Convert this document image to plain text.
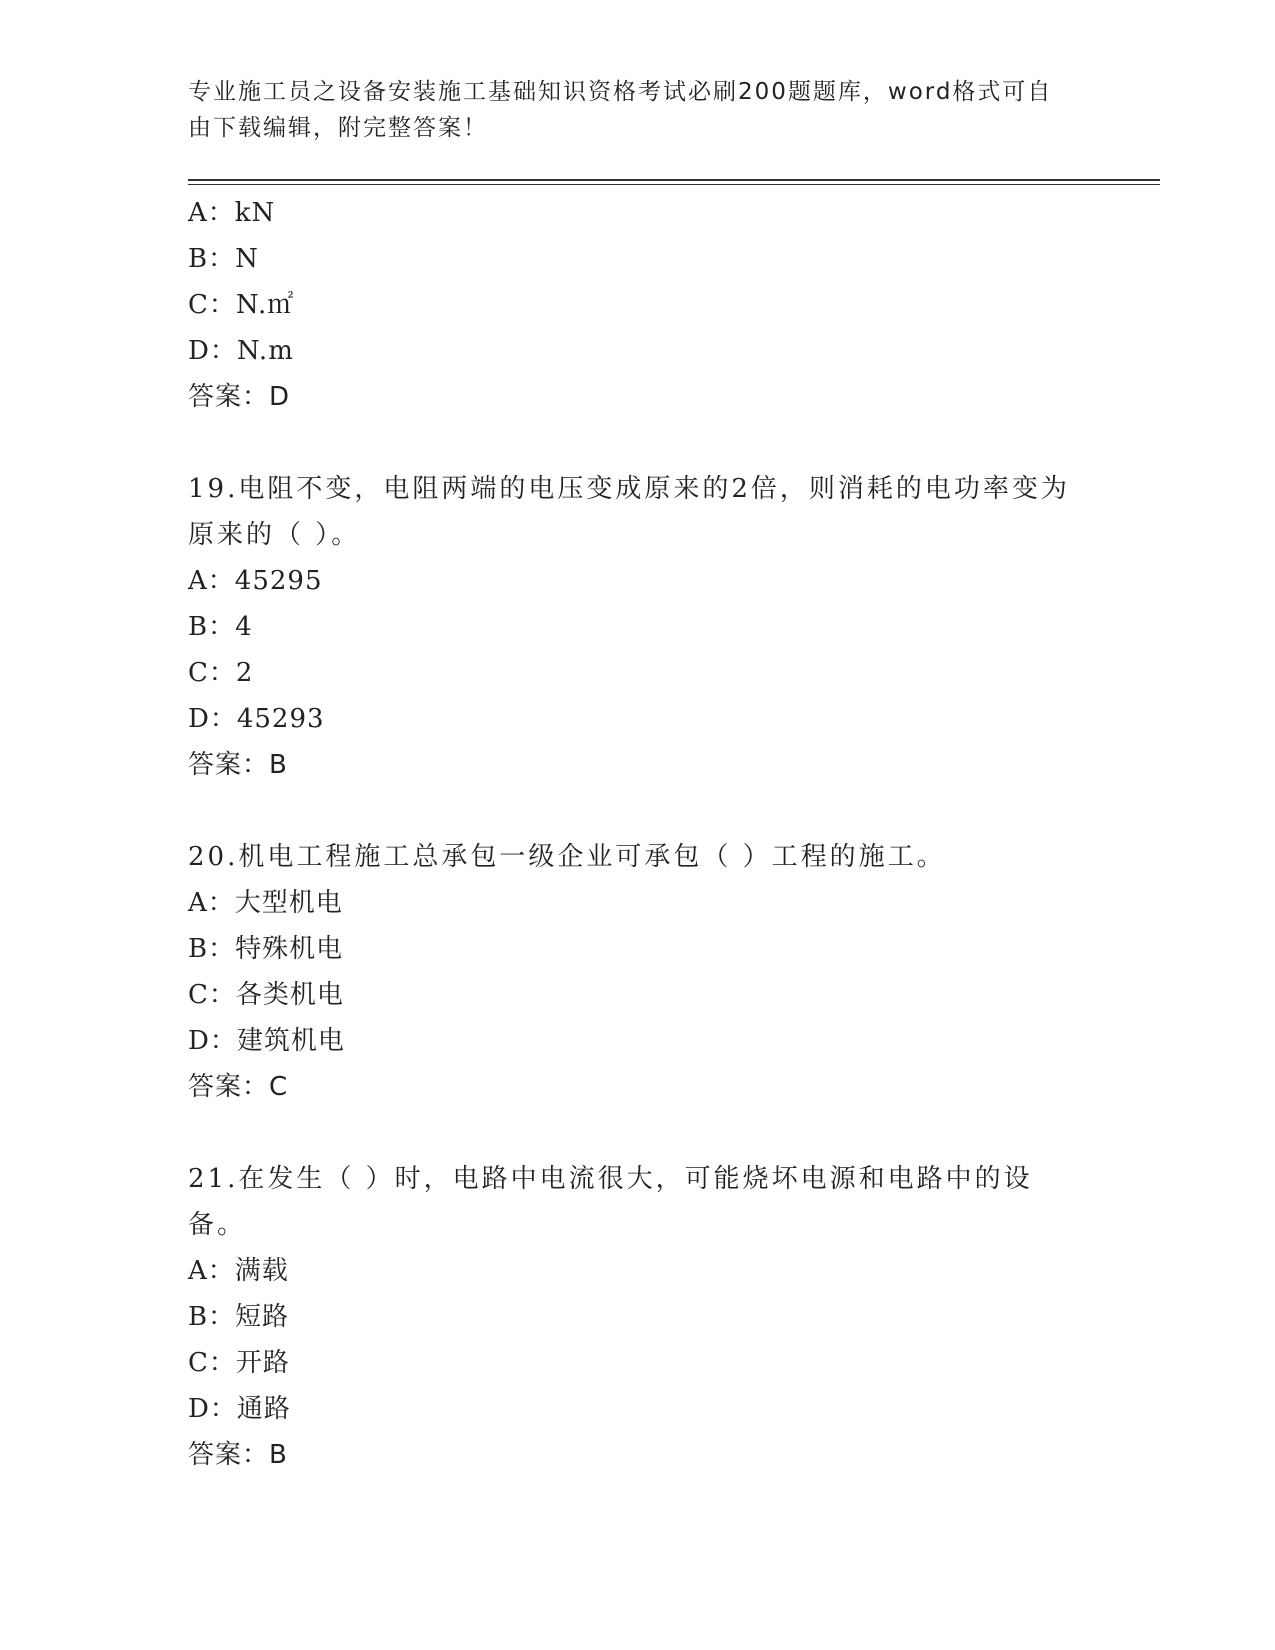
专业施工员之设备安装施工基础知识资格考试必刷200题题库，word格式可自由下载编辑，附完整答案！
A：kN
B：N
C：N.㎡
D：N.m
答案：D
19.电阻不变，电阻两端的电压变成原来的2倍，则消耗的电功率变为原来的（ ）。
A：45295
B：4
C：2
D：45293
答案：B
20.机电工程施工总承包一级企业可承包（ ）工程的施工。
A：大型机电
B：特殊机电
C：各类机电
D：建筑机电
答案：C
21.在发生（ ）时，电路中电流很大，可能烧坏电源和电路中的设备。
A：满载
B：短路
C：开路
D：通路
答案：B
